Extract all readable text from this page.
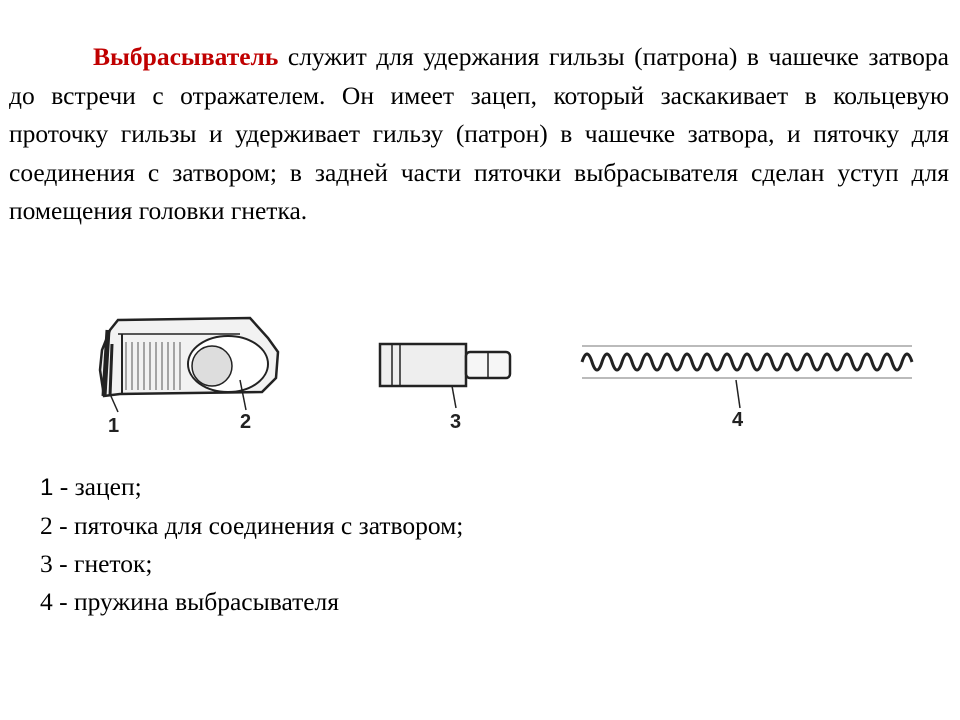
Выбрасыватель служит для удержания гильзы (патрона) в чашечке затвора до встречи с отражателем. Он имеет зацеп, который заскакивает в кольцевую проточку гильзы и удерживает гильзу (патрон) в чашечке затвора, и пяточку для соединения с затвором; в задней части пяточки выбрасывателя сделан уступ для помещения головки гнетка.

1	2	3	4
1 - зацеп;
2 - пяточка для соединения с затвором;
3 - гнеток;
4 - пружина выбрасывателя
